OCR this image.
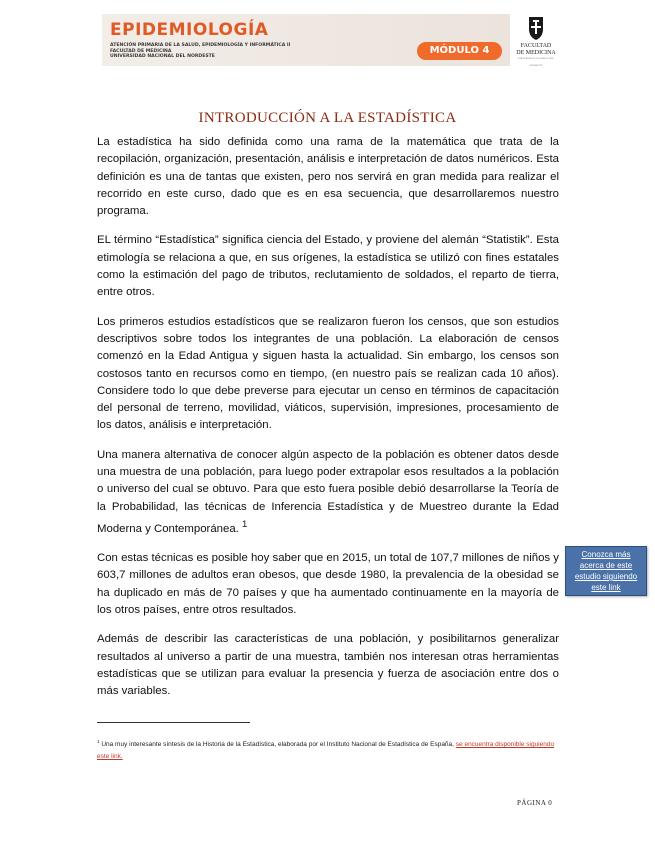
EPIDEMIOLOGÍA
ATENCIÓN PRIMARIA DE LA SALUD, EPIDEMIOLOGÍA Y INFORMÁTICA II
FACULTAD DE MEDICINA
UNIVERSIDAD NACIONAL DEL NORDESTE
MÓDULO 4	FACULTAD
DE MEDICINA
UNIVERSIDAD NACIONAL DEL NORDESTE
INTRODUCCIÓN A LA ESTADÍSTICA

La estadística ha sido definida como una rama de la matemática que trata de la recopilación, organización, presentación, análisis e interpretación de datos numéricos. Esta definición es una de tantas que existen, pero nos servirá en gran medida para realizar el recorrido en este curso, dado que es en esa secuencia, que desarrollaremos nuestro programa.

EL término “Estadística” significa ciencia del Estado, y proviene del alemán “Statistik”. Esta etimología se relaciona a que, en sus orígenes, la estadística se utilizó con fines estatales como la estimación del pago de tributos, reclutamiento de soldados, el reparto de tierra, entre otros.

Los primeros estudios estadísticos que se realizaron fueron los censos, que son estudios descriptivos sobre todos los integrantes de una población. La elaboración de censos comenzó en la Edad Antigua y siguen hasta la actualidad. Sin embargo, los censos son costosos tanto en recursos como en tiempo, (en nuestro país se realizan cada 10 años). Considere todo lo que debe preverse para ejecutar un censo en términos de capacitación del personal de terreno, movilidad, viáticos, supervisión, impresiones, procesamiento de los datos, análisis e interpretación.

Una manera alternativa de conocer algún aspecto de la población es obtener datos desde una muestra de una población, para luego poder extrapolar esos resultados a la población o universo del cual se obtuvo. Para que esto fuera posible debió desarrollarse la Teoría de la Probabilidad, las técnicas de Inferencia Estadística y de Muestreo durante la Edad Moderna y Contemporánea. $^1$

Con estas técnicas es posible hoy saber que en 2015, un total de 107,7 millones de niños y 603,7 millones de adultos eran obesos, que desde 1980, la prevalencia de la obesidad se ha duplicado en más de 70 países y que ha aumentado continuamente en la mayoría de los otros países, entre otros resultados.

Además de describir las características de una población, y posibilitarnos generalizar resultados al universo a partir de una muestra, también nos interesan otras herramientas estadísticas que se utilizan para evaluar la presencia y fuerza de asociación entre dos o más variables.

Conozca más acerca de este estudio siguiendo este link
$^1$ Una muy interesante síntesis de la Historia de la Estadística, elaborada por el Instituto Nacional de Estadística de España, se encuentra disponible siguiendo este link.
PÁGINA 0
